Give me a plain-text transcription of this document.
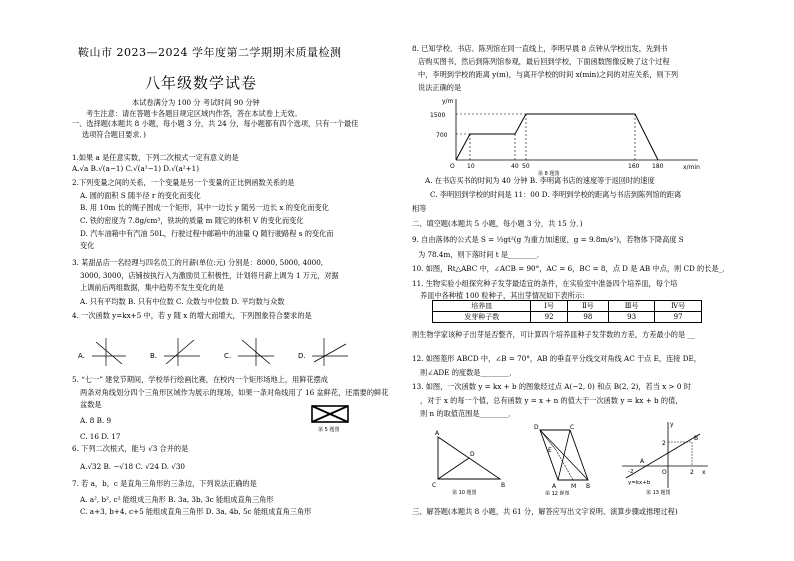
鞍山市 2023—2024 学年度第二学期期末质量检测
八年级数学试卷
本试卷满分为 100 分 考试时间 90 分钟
考生注意：请在答题卡各题目规定区域内作答，答在本试卷上无效。
一、选择题(本题共 8 小题，每小题 3 分，共 24 分，每小题都有四个选项，只有一个最佳
选项符合题目要求．)
1.如果 a 是任意实数，下列二次根式一定有意义的是
A.√a B.√(a−1) C.√(a²−1) D.√(a²+1)
2.下列变量之间的关系，一个变量是另一个变量的正比例函数关系的是
A. 圆的面积 S 随半径 r 的变化而变化
B. 用 10m 长的绳子围成一个矩形，其中一边长 y 随另一边长 x 的变化而变化
C. 铁的密度为 7.8g/cm³，铁块的质量 m 随它的体积 V 的变化而变化
D. 汽车油箱中有汽油 50L，行驶过程中邮箱中的油量 Q 随行驶路程 s 的变化而
变化
3. 某甜品店一名经理与四名员工的月薪(单位:元) 分别是：8000, 5000, 4000,
3000, 3000，店铺按执行入为激励员工积极性，计划将月薪上调为 1 万元，对据
上调前后两组数据，集中趋势不发生变化的是
A. 只有平均数 B. 只有中位数 C. 众数与中位数 D. 平均数与众数
4. 一次函数 y=kx+5 中，若 y 随 x 的增大而增大，下列图象符合要求的是
5. “七一” 建党节期间，学校举行绘画比赛，在校内一个矩形场地上，用鲜花摆成
两条对角线划分四个三角形区域作为展示的现场，如果一条对角线用了 16 盆鲜花，还需要的鲜花
盆数是
A. 8 B. 9
C. 16 D. 17
6. 下列二次根式，能与 √3 合并的是
A.√32 B. −√18 C. √24 D. √30
7. 若 a，b，c 是直角三角形的三条边，下列说法正确的是
A. a², b², c² 能组成三角形 B. 3a, 3b, 3c 能组成直角三角形
C. a+3, b+4, c+5 能组成直角三角形 D. 3a, 4b, 5c 能组成直角三角形
A.	B.	C.	D.
第 5 题图
8. 已知学校、书店、陈列馆在同一直线上，李明早晨 8 点钟从学校出发，先到书
店购买图书，然后到陈列馆参观，最后回到学校，下面函数图像反映了这个过程
中，李明到学校的距离 y(m)，与离开学校的时间 x(min)之间的对应关系，则下列
说法正确的是
A. 在书店买书的时间为 40 分钟 B. 李明离书店的速度等于返回时的速度
C. 李明回到学校的时间是 11：00 D. 李明到学校的距离与书店到陈列馆的距离
相等
二、填空题(本题共 5 小题，每小题 3 分，共 15 分．)
9. 自由落体的公式是 S = ½gt²(g 为重力加速度，g = 9.8m/s²)，若物体下降高度 S
为 78.4m，则下落时间 t 是________．
10. 如图，Rt△ABC 中，∠ACB = 90°，AC = 6，BC = 8，点 D 是 AB 中点，则 CD 的长是_．
11. 生物实验小组探究种子发芽最适宜的条件，在实验室中准备四个培养皿，每个培
养皿中各种植 100 粒种子，其出芽情况如下表所示：
则生物学家该种子出芽是否整齐，可计算四个培养皿种子发芽数的方差，方差最小的是 __
12. 如图菱形 ABCD 中，∠B = 70°，AB 的垂直平分线交对角线 AC 于点 E，连接 DE，
则∠ADE 的度数是________．
13. 如图，一次函数 y = kx + b 的图象经过点 A(−2, 0) 和点 B(2, 2)，若当 x > 0 时
，对于 x 的每一个值，总有函数 y = x + n 的值大于一次函数 y = kx + b 的值，
则 n 的取值范围是________．
三、解答题(本题共 8 小题，共 61 分，解答应写出文字说明、演算步骤或推理过程)
y/m
x/min
1500
700
O 10	40 50	160 180
第 8 题图
培养皿	Ⅰ号	Ⅱ号	Ⅲ号	Ⅳ号
发芽种子数	92	98	93	97
A
C	B
D
第 10 题图
D	C
E
A M B
第 12 题图
y
x
A
O
B
2
2
-2
y=kx+b
第 13 题图
